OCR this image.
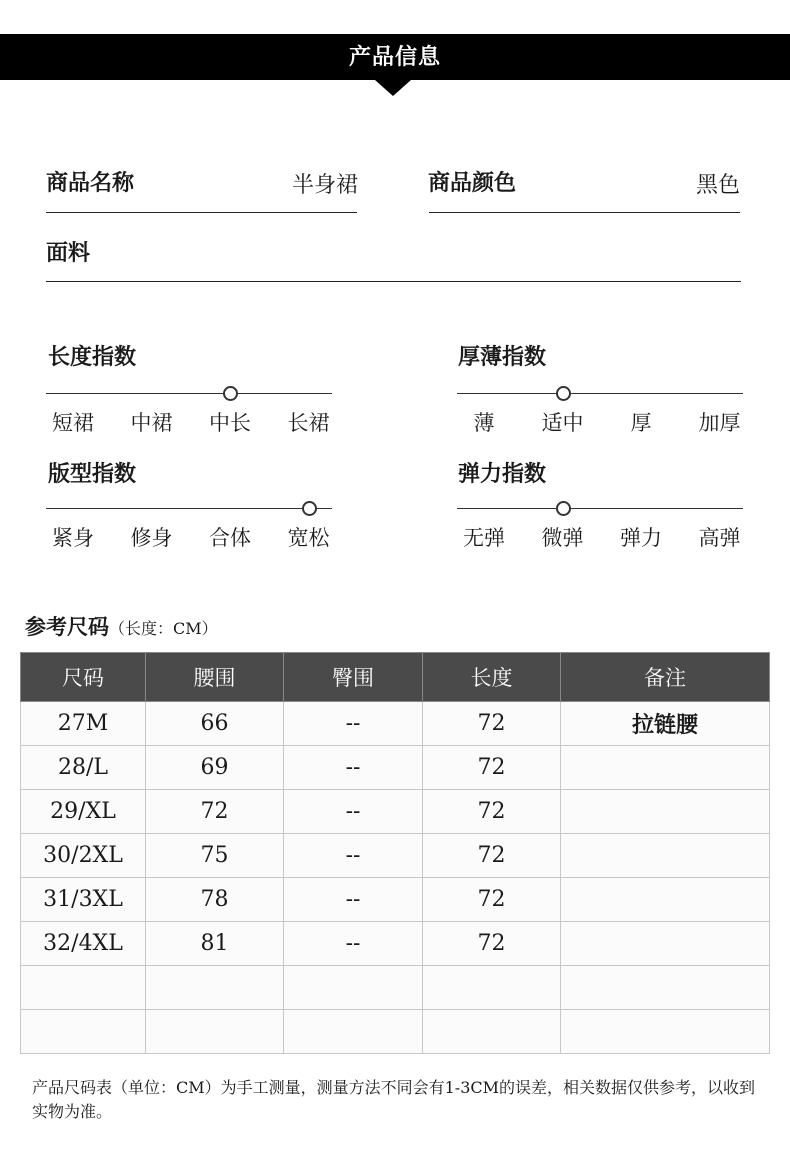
产品信息
商品名称	半身裙	商品颜色	黑色
面料
长度指数	厚薄指数
版型指数	弹力指数
短裙	中裙	中长	长裙	薄	适中	厚	加厚
紧身	修身	合体	宽松	无弹	微弹	弹力	高弹
参考尺码（长度：CM）
尺码	腰围	臀围	长度	备注
27M	66	--	72	拉链腰
28/L	69	--	72	
29/XL	72	--	72	
30/2XL	75	--	72	
31/3XL	78	--	72	
32/4XL	81	--	72	

产品尺码表（单位：CM）为手工测量，测量方法不同会有1-3CM的误差，相关数据仅供参考，以收到实物为准。
